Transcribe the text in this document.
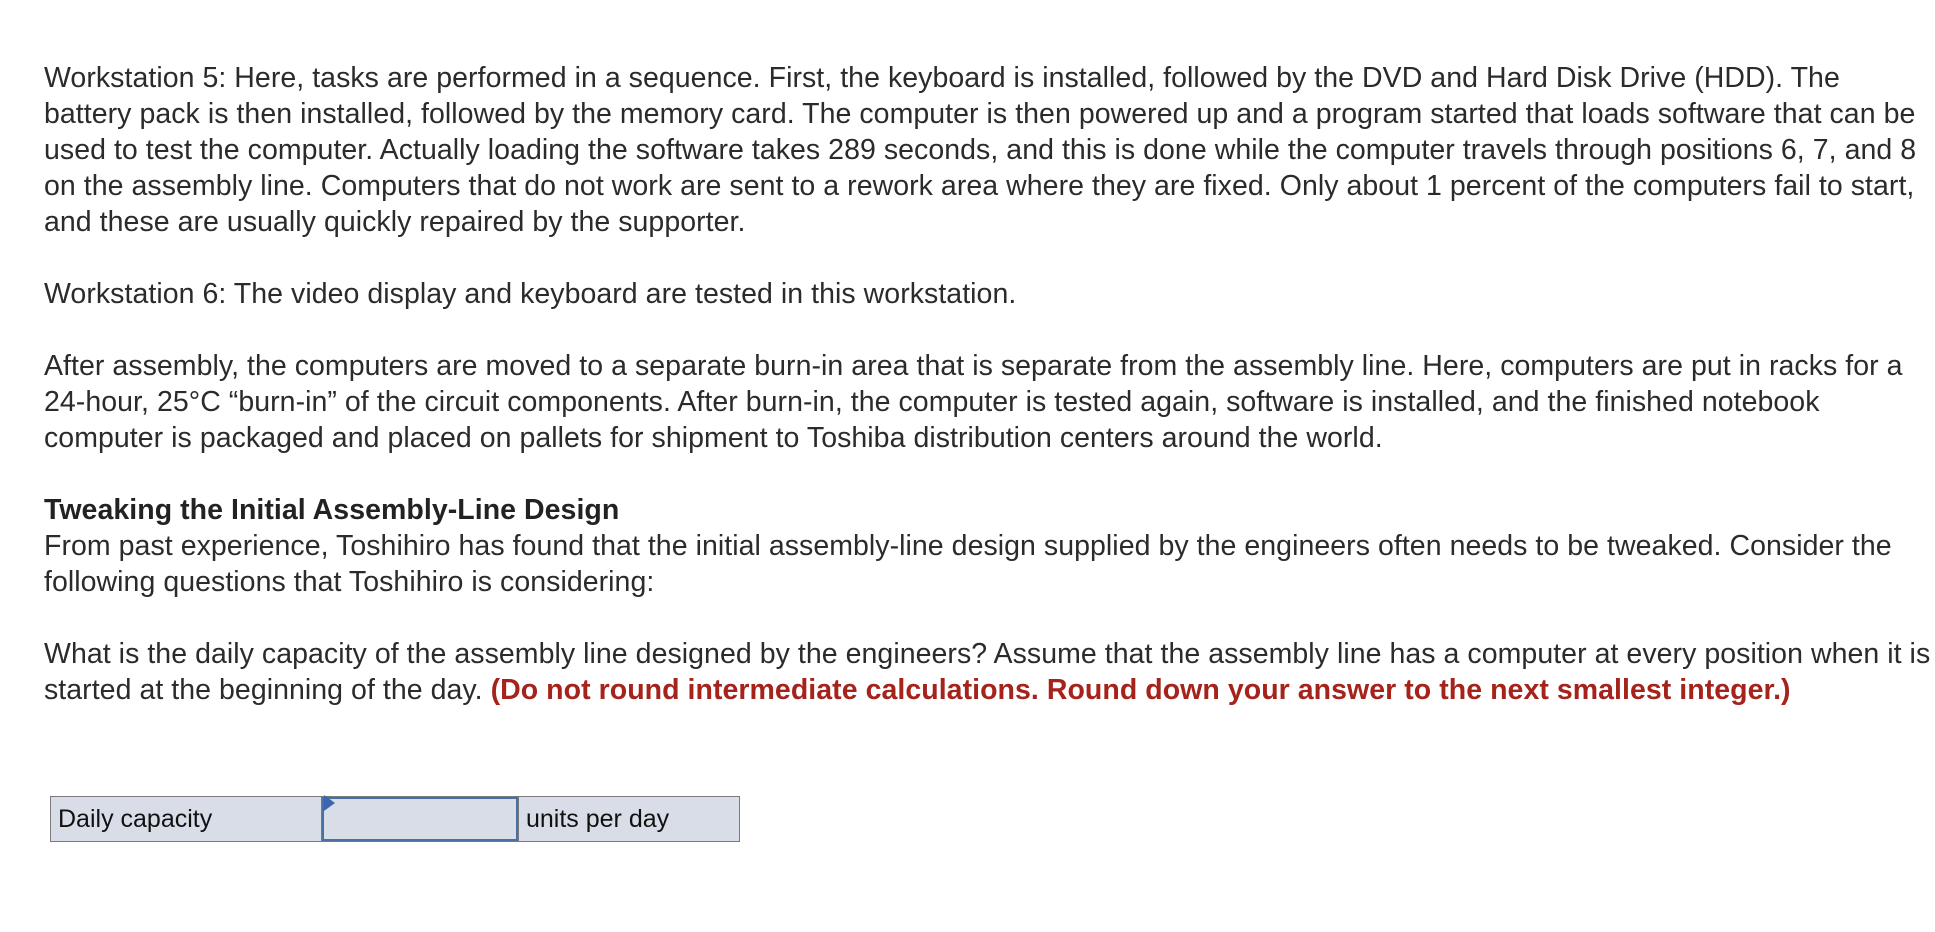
Workstation 5: Here, tasks are performed in a sequence. First, the keyboard is installed, followed by the DVD and Hard Disk Drive (HDD). The battery pack is then installed, followed by the memory card. The computer is then powered up and a program started that loads software that can be used to test the computer. Actually loading the software takes 289 seconds, and this is done while the computer travels through positions 6, 7, and 8 on the assembly line. Computers that do not work are sent to a rework area where they are fixed. Only about 1 percent of the computers fail to start, and these are usually quickly repaired by the supporter.

Workstation 6: The video display and keyboard are tested in this workstation.

After assembly, the computers are moved to a separate burn-in area that is separate from the assembly line. Here, computers are put in racks for a 24-hour, 25°C “burn-in” of the circuit components. After burn-in, the computer is tested again, software is installed, and the finished notebook computer is packaged and placed on pallets for shipment to Toshiba distribution centers around the world.

Tweaking the Initial Assembly-Line Design
From past experience, Toshihiro has found that the initial assembly-line design supplied by the engineers often needs to be tweaked. Consider the following questions that Toshihiro is considering:

What is the daily capacity of the assembly line designed by the engineers? Assume that the assembly line has a computer at every position when it is started at the beginning of the day. (Do not round intermediate calculations. Round down your answer to the next smallest integer.)

Daily capacity		units per day
